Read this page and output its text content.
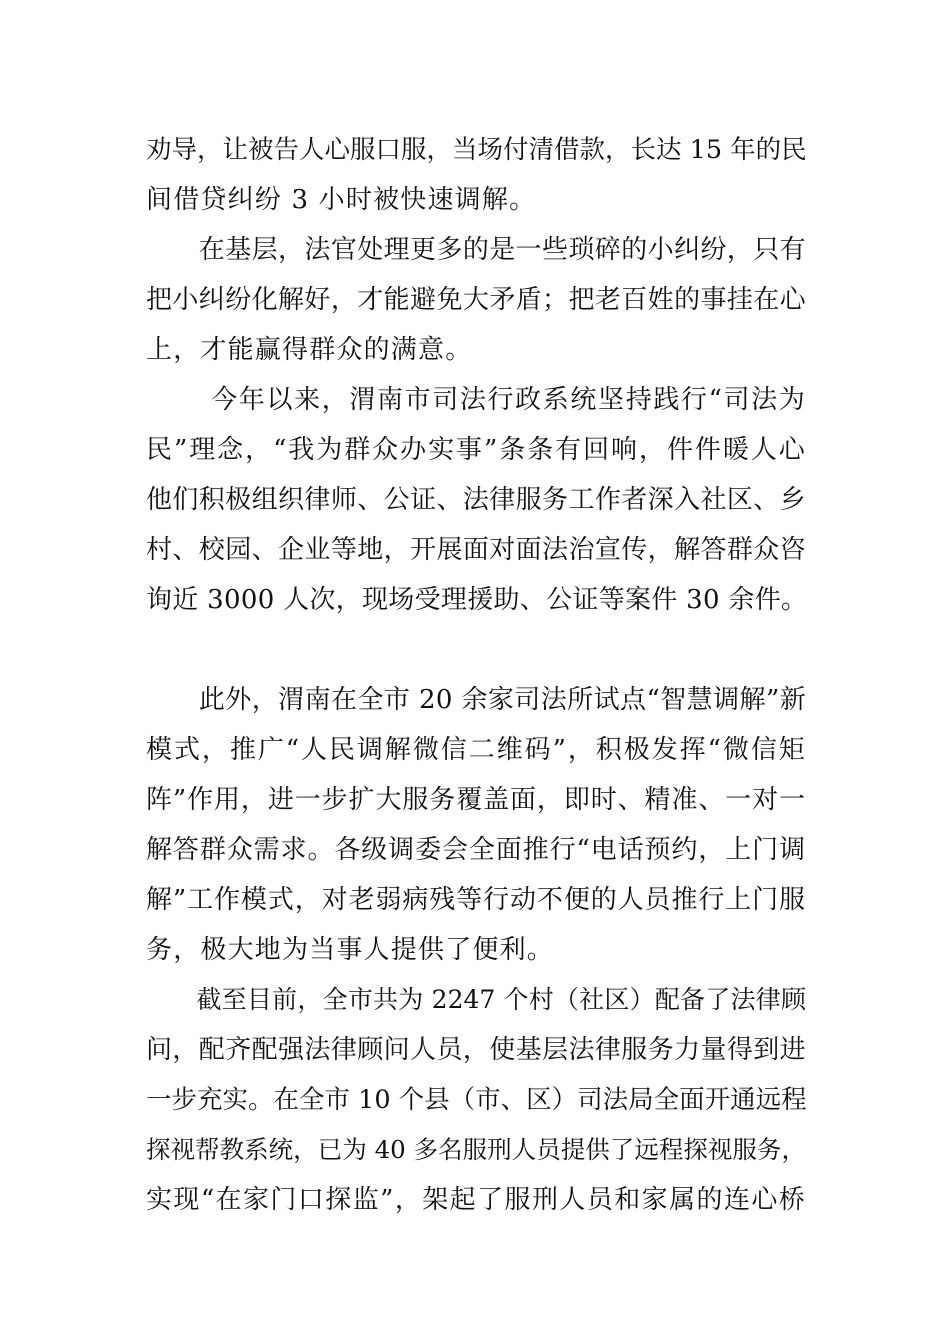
劝导，让被告人心服口服，当场付清借款，长达 15 年的民
间借贷纠纷 3 小时被快速调解。
　　在基层，法官处理更多的是一些琐碎的小纠纷，只有
把小纠纷化解好，才能避免大矛盾；把老百姓的事挂在心
上，才能赢得群众的满意。
　　 今年以来，渭南市司法行政系统坚持践行“司法为
民”理念，“我为群众办实事”条条有回响，件件暖人心
他们积极组织律师、公证、法律服务工作者深入社区、乡
村、校园、企业等地，开展面对面法治宣传，解答群众咨
询近 3000 人次，现场受理援助、公证等案件 30 余件。
　　此外，渭南在全市 20 余家司法所试点“智慧调解”新
模式，推广“人民调解微信二维码”，积极发挥“微信矩
阵”作用，进一步扩大服务覆盖面，即时、精准、一对一
解答群众需求。各级调委会全面推行“电话预约，上门调
解”工作模式，对老弱病残等行动不便的人员推行上门服
务，极大地为当事人提供了便利。
　　截至目前，全市共为 2247 个村（社区）配备了法律顾
问，配齐配强法律顾问人员，使基层法律服务力量得到进
一步充实。在全市 10 个县（市、区）司法局全面开通远程
探视帮教系统，已为 40 多名服刑人员提供了远程探视服务，
实现“在家门口探监”，架起了服刑人员和家属的连心桥
